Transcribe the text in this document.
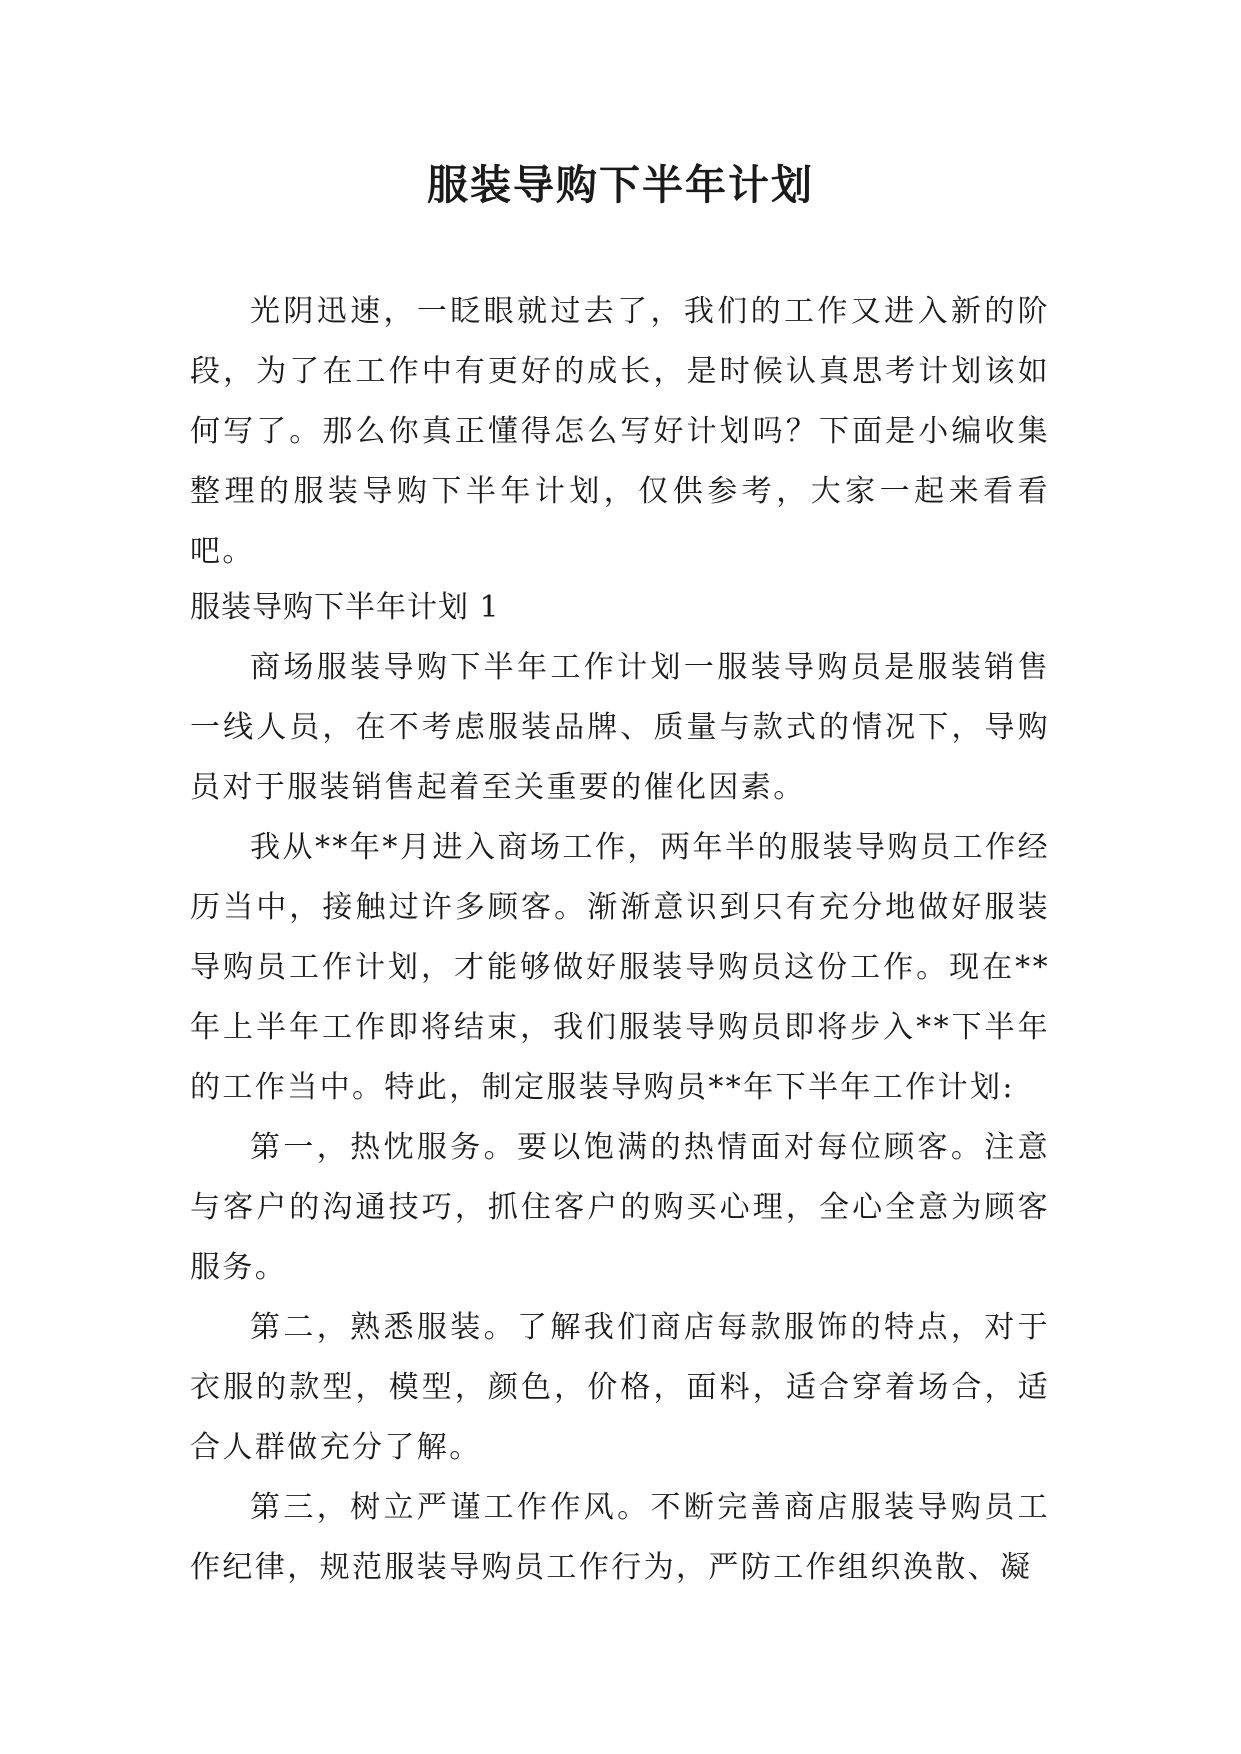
服装导购下半年计划

光阴迅速，一眨眼就过去了，我们的工作又进入新的阶段，为了在工作中有更好的成长，是时候认真思考计划该如何写了。那么你真正懂得怎么写好计划吗？下面是小编收集整理的服装导购下半年计划，仅供参考，大家一起来看看吧。

服装导购下半年计划 1

商场服装导购下半年工作计划一服装导购员是服装销售一线人员，在不考虑服装品牌、质量与款式的情况下，导购员对于服装销售起着至关重要的催化因素。

我从**年*月进入商场工作，两年半的服装导购员工作经历当中，接触过许多顾客。渐渐意识到只有充分地做好服装导购员工作计划，才能够做好服装导购员这份工作。现在**年上半年工作即将结束，我们服装导购员即将步入**下半年的工作当中。特此，制定服装导购员**年下半年工作计划:

第一，热忱服务。要以饱满的热情面对每位顾客。注意与客户的沟通技巧，抓住客户的购买心理，全心全意为顾客服务。

第二，熟悉服装。了解我们商店每款服饰的特点，对于衣服的款型，模型，颜色，价格，面料，适合穿着场合，适合人群做充分了解。

第三，树立严谨工作作风。不断完善商店服装导购员工作纪律，规范服装导购员工作行为，严防工作组织涣散、凝
